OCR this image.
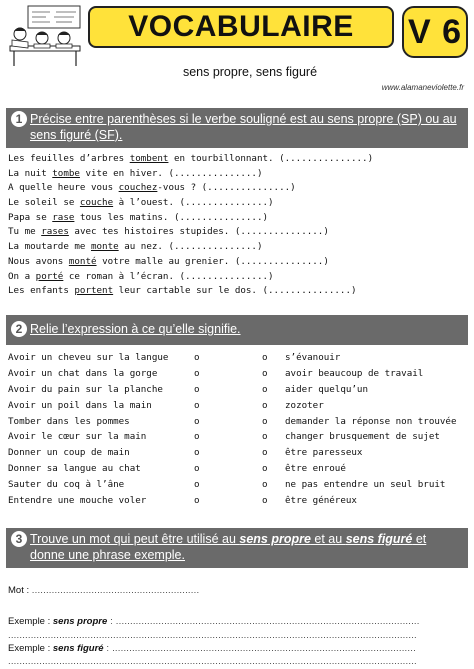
VOCABULAIRE	V 6
sens propre, sens figuré
www.alamaneviolette.fr
1 Précise entre parenthèses si le verbe souligné est au sens propre (SP) ou au sens figuré (SF).
Les feuilles d’arbres tombent en tourbillonnant. (...............)
La nuit tombe vite en hiver. (...............)
A quelle heure vous couchez-vous ? (...............)
Le soleil se couche à l’ouest. (...............)
Papa se rase tous les matins. (...............)
Tu me rases avec tes histoires stupides. (...............)
La moutarde me monte au nez. (...............)
Nous avons monté votre malle au grenier. (...............)
On a porté ce roman à l’écran. (...............)
Les enfants portent leur cartable sur le dos. (...............)
2 Relie l’expression à ce qu’elle signifie.
Avoir un cheveu sur la langue	o	o s’évanouir
Avoir un chat dans la gorge	o	o avoir beaucoup de travail
Avoir du pain sur la planche	o	o aider quelqu’un
Avoir un poil dans la main	o	o zozoter
Tomber dans les pommes	o	o demander la réponse non trouvée
Avoir le cœur sur la main	o	o changer brusquement de sujet
Donner un coup de main	o	o être paresseux
Donner sa langue au chat	o	o être enroué
Sauter du coq à l’âne	o	o ne pas entendre un seul bruit
Entendre une mouche voler	o	o être généreux
3 Trouve un mot qui peut être utilisé au sens propre et au sens figuré et donne une phrase exemple.
Mot : ...........................................................
Exemple : sens propre : ...........................................................................................................
................................................................................................................................................
Exemple : sens figuré : ...........................................................................................................
................................................................................................................................................
